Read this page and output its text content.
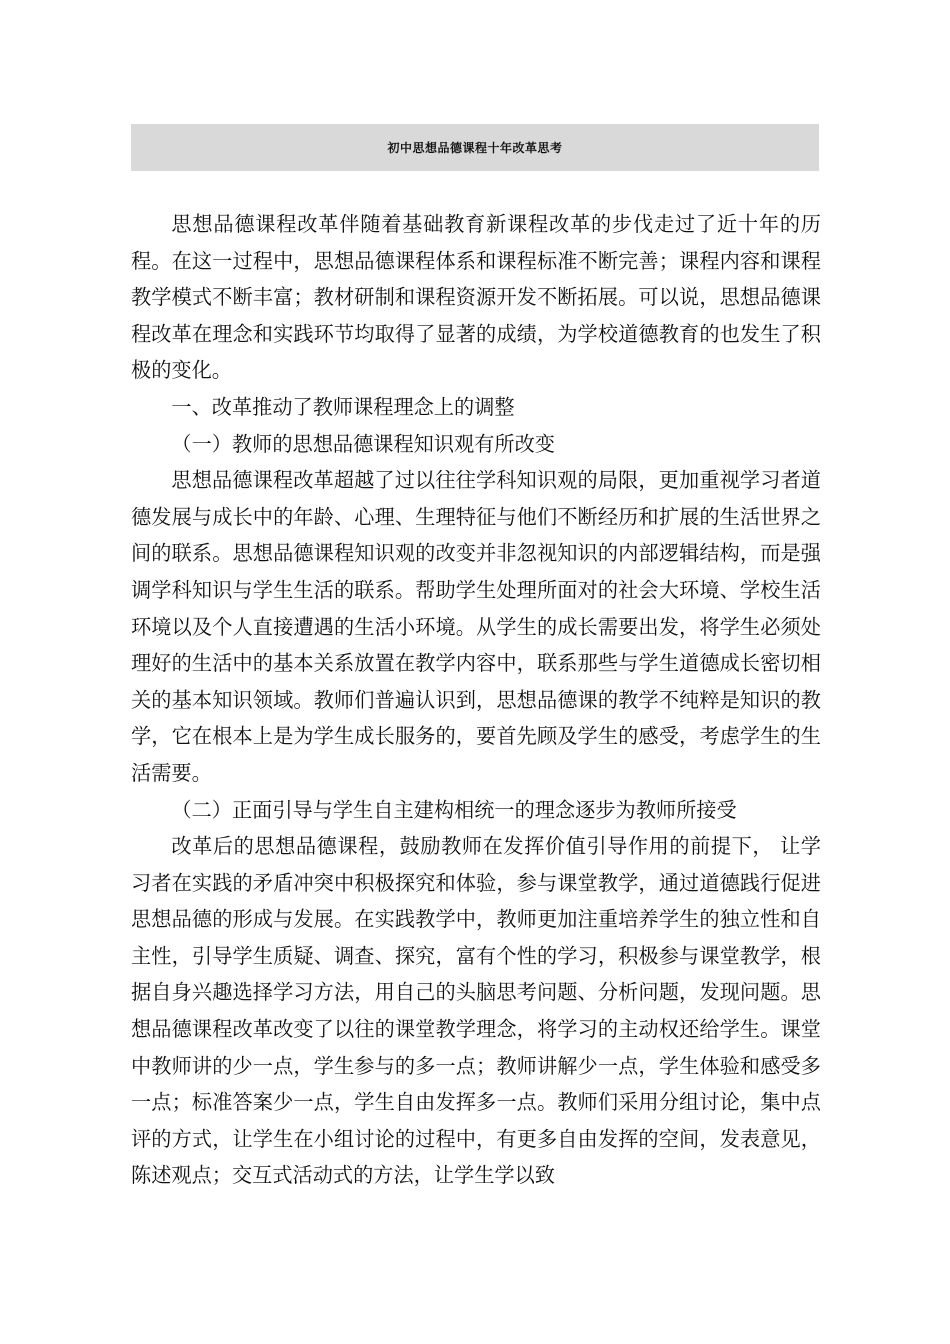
初中思想品德课程十年改革思考

思想品德课程改革伴随着基础教育新课程改革的步伐走过了近十年的历程。在这一过程中，思想品德课程体系和课程标准不断完善；课程内容和课程教学模式不断丰富；教材研制和课程资源开发不断拓展。可以说，思想品德课程改革在理念和实践环节均取得了显著的成绩，为学校道德教育的也发生了积极的变化。

一、改革推动了教师课程理念上的调整

（一）教师的思想品德课程知识观有所改变

思想品德课程改革超越了过以往往学科知识观的局限，更加重视学习者道德发展与成长中的年龄、心理、生理特征与他们不断经历和扩展的生活世界之间的联系。思想品德课程知识观的改变并非忽视知识的内部逻辑结构，而是强调学科知识与学生生活的联系。帮助学生处理所面对的社会大环境、学校生活环境以及个人直接遭遇的生活小环境。从学生的成长需要出发，将学生必须处理好的生活中的基本关系放置在教学内容中，联系那些与学生道德成长密切相关的基本知识领域。教师们普遍认识到，思想品德课的教学不纯粹是知识的教学，它在根本上是为学生成长服务的，要首先顾及学生的感受，考虑学生的生活需要。

（二）正面引导与学生自主建构相统一的理念逐步为教师所接受

改革后的思想品德课程，鼓励教师在发挥价值引导作用的前提下， 让学习者在实践的矛盾冲突中积极探究和体验，参与课堂教学，通过道德践行促进思想品德的形成与发展。在实践教学中，教师更加注重培养学生的独立性和自主性，引导学生质疑、调查、探究，富有个性的学习，积极参与课堂教学，根据自身兴趣选择学习方法，用自己的头脑思考问题、分析问题，发现问题。思想品德课程改革改变了以往的课堂教学理念，将学习的主动权还给学生。课堂中教师讲的少一点，学生参与的多一点；教师讲解少一点，学生体验和感受多一点；标准答案少一点，学生自由发挥多一点。教师们采用分组讨论，集中点评的方式，让学生在小组讨论的过程中，有更多自由发挥的空间，发表意见，陈述观点；交互式活动式的方法，让学生学以致
